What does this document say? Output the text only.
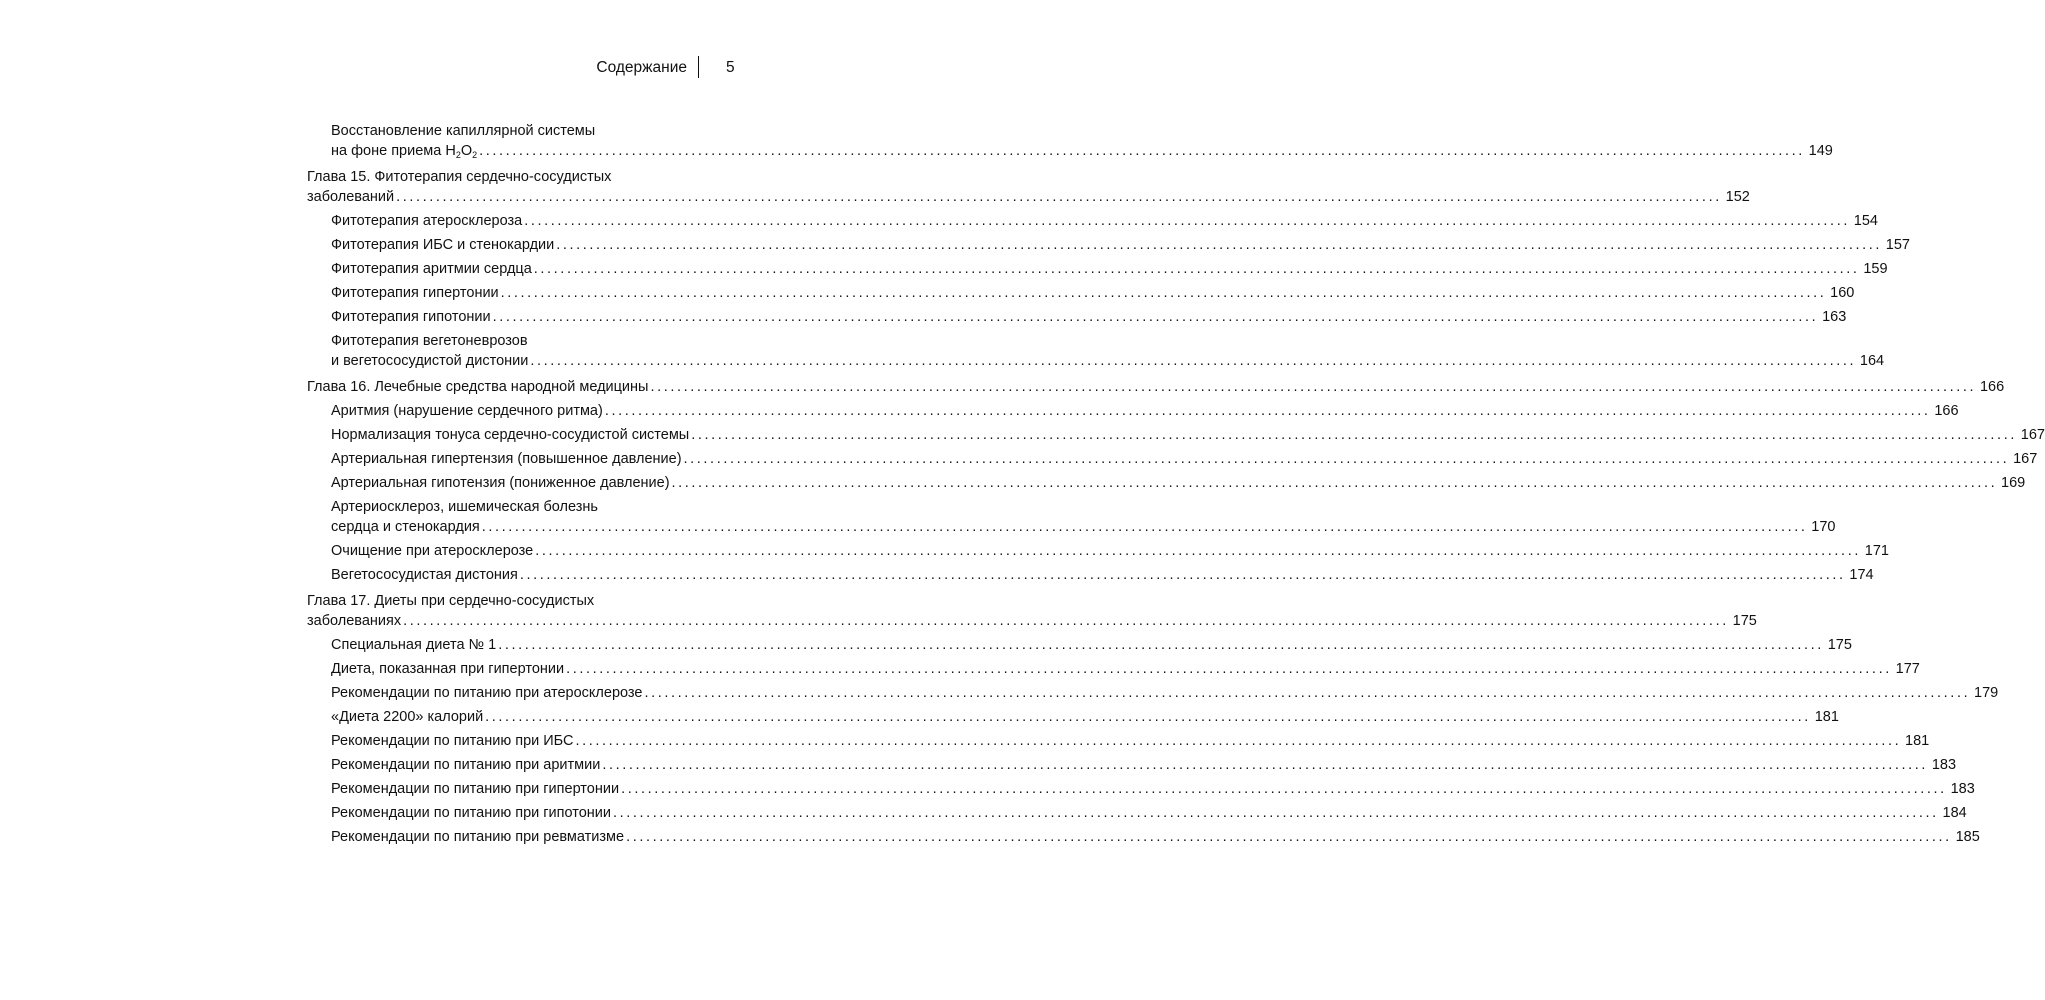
Содержание	5
Восстановление капиллярной системы
на фоне приема $H_2O_2$ ........................................................................................................................................................................................................ 149
Глава 15. Фитотерапия сердечно-сосудистых
заболеваний ........................................................................................................................................................................................................ 152
Фитотерапия атеросклероза ........................................................................................................................................................................................................ 154
Фитотерапия ИБС и стенокардии ........................................................................................................................................................................................................ 157
Фитотерапия аритмии сердца ........................................................................................................................................................................................................ 159
Фитотерапия гипертонии ........................................................................................................................................................................................................ 160
Фитотерапия гипотонии ........................................................................................................................................................................................................ 163
Фитотерапия вегетоневрозов
и вегетососудистой дистонии ........................................................................................................................................................................................................ 164
Глава 16. Лечебные средства народной медицины ........................................................................................................................................................................................................ 166
Аритмия (нарушение сердечного ритма) ........................................................................................................................................................................................................ 166
Нормализация тонуса сердечно-сосудистой системы ........................................................................................................................................................................................................ 167
Артериальная гипертензия (повышенное давление) ........................................................................................................................................................................................................ 167
Артериальная гипотензия (пониженное давление) ........................................................................................................................................................................................................ 169
Артериосклероз, ишемическая болезнь
сердца и стенокардия ........................................................................................................................................................................................................ 170
Очищение при атеросклерозе ........................................................................................................................................................................................................ 171
Вегетососудистая дистония ........................................................................................................................................................................................................ 174
Глава 17. Диеты при сердечно-сосудистых
заболеваниях ........................................................................................................................................................................................................ 175
Специальная диета № 1 ........................................................................................................................................................................................................ 175
Диета, показанная при гипертонии ........................................................................................................................................................................................................ 177
Рекомендации по питанию при атеросклерозе ........................................................................................................................................................................................................ 179
«Диета 2200» калорий ........................................................................................................................................................................................................ 181
Рекомендации по питанию при ИБС ........................................................................................................................................................................................................ 181
Рекомендации по питанию при аритмии ........................................................................................................................................................................................................ 183
Рекомендации по питанию при гипертонии ........................................................................................................................................................................................................ 183
Рекомендации по питанию при гипотонии ........................................................................................................................................................................................................ 184
Рекомендации по питанию при ревматизме ........................................................................................................................................................................................................ 185
